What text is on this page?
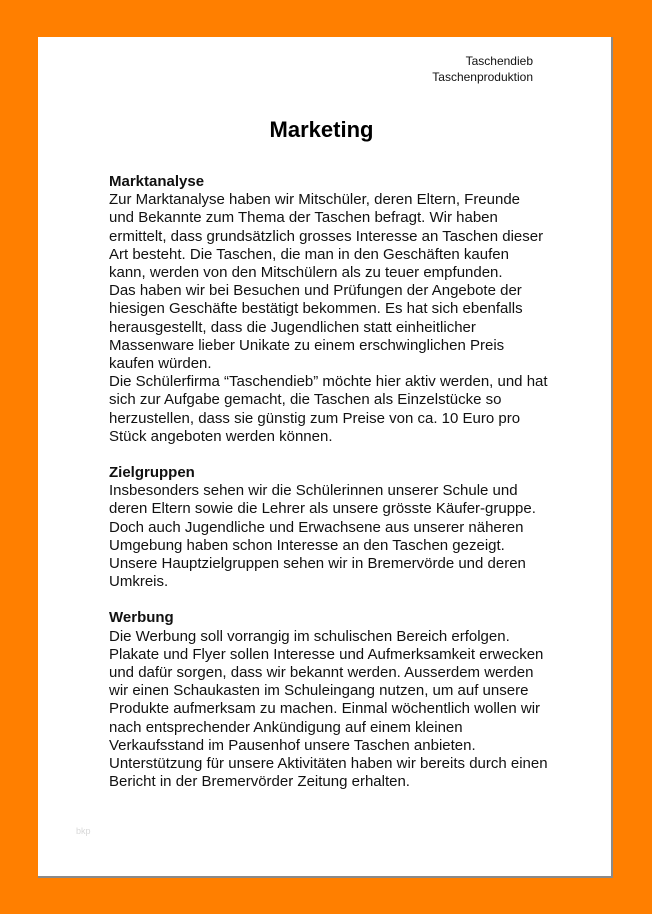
Taschendieb
Taschenproduktion
Marketing
Marktanalyse

Zur Marktanalyse haben wir Mitschüler, deren Eltern, Freunde und Bekannte zum Thema der Taschen befragt. Wir haben ermittelt, dass grundsätzlich grosses Interesse an Taschen dieser Art besteht. Die Taschen, die man in den Geschäften kaufen kann, werden von den Mitschülern als zu teuer empfunden.

Das haben wir bei Besuchen und Prüfungen der Angebote der hiesigen Geschäfte bestätigt bekommen. Es hat sich ebenfalls herausgestellt, dass die Jugendlichen statt einheitlicher Massenware lieber Unikate zu einem erschwinglichen Preis kaufen würden.

Die Schülerfirma “Taschendieb” möchte hier aktiv werden, und hat sich zur Aufgabe gemacht, die Taschen als Einzelstücke so herzustellen, dass sie günstig zum Preise von ca. 10 Euro pro Stück angeboten werden können.

Zielgruppen

Insbesonders sehen wir die Schülerinnen unserer Schule und deren Eltern sowie die Lehrer als unsere grösste Käufer-gruppe. Doch auch Jugendliche und Erwachsene aus unserer näheren Umgebung haben schon Interesse an den Taschen gezeigt. Unsere Hauptzielgruppen sehen wir in Bremervörde und deren Umkreis.

Werbung

Die Werbung soll vorrangig im schulischen Bereich erfolgen. Plakate und Flyer sollen Interesse und Aufmerksamkeit erwecken und dafür sorgen, dass wir bekannt werden. Ausserdem werden wir einen Schaukasten im Schuleingang nutzen, um auf unsere Produkte aufmerksam zu machen. Einmal wöchentlich wollen wir nach entsprechender Ankündigung auf einem kleinen Verkaufsstand im Pausenhof unsere Taschen anbieten. Unterstützung für unsere Aktivitäten haben wir bereits durch einen Bericht in der Bremervörder Zeitung erhalten.

bkp
